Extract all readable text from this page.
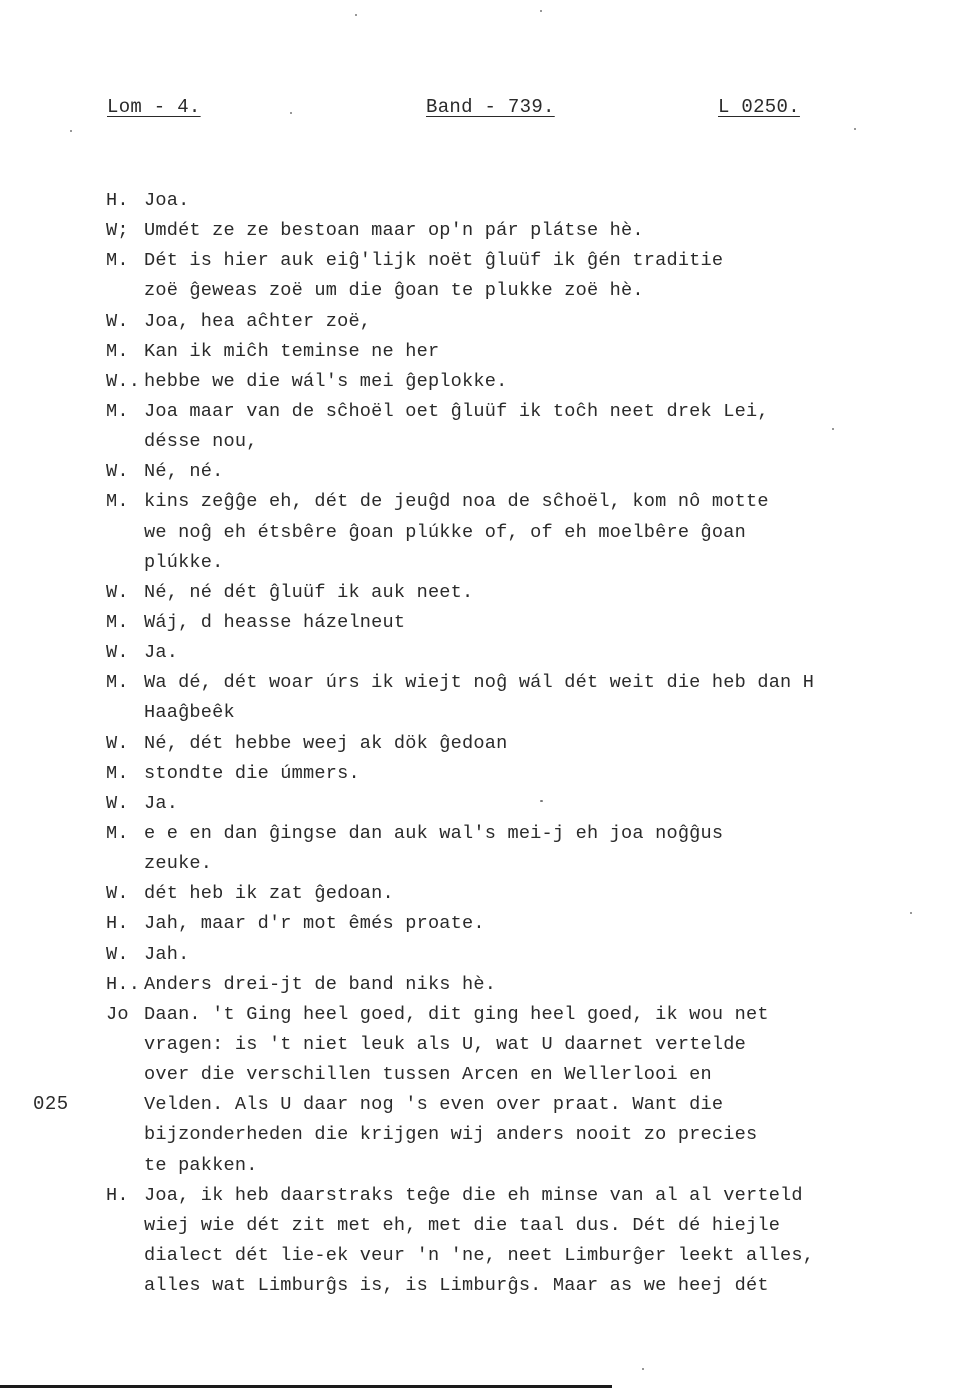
Lom - 4.	Band - 739.	L 0250.
H. Joa.
W; Umdét ze ze bestoan maar op'n pár plátse hè.
M. Dét is hier auk eiĝ'lijk noët ĝluüf ik ĝén traditie
zoë ĝeweas zoë um die ĝoan te plukke zoë hè.
W. Joa, hea aĉhter zoë,
M. Kan ik miĉh teminse ne her
W.. hebbe we die wál's mei ĝeplokke.
M. Joa maar van de sĉhoël oet ĝluüf ik toĉh neet drek Lei,
désse nou,
W. Né, né.
M. kins zeĝĝe eh, dét de jeuĝd noa de sĉhoël, kom nô motte
we noĝ eh étsbêre ĝoan plúkke of, of eh moelbêre ĝoan
plúkke.
W. Né, né dét ĝluüf ik auk neet.
M. Wáj, d heasse házelneut
W. Ja.
M. Wa dé, dét woar úrs ik wiejt noĝ wál dét weit die heb dan H
Haaĝbeêk
W. Né, dét hebbe weej ak dök ĝedoan
M. stondte die úmmers.
W. Ja.
M. e e en dan ĝingse dan auk wal's mei-j eh joa noĝĝus
zeuke.
W. dét heb ik zat ĝedoan.
H. Jah, maar d'r mot êmés proate.
W. Jah.
H.. Anders drei-jt de band niks hè.
Jo Daan. 't Ging heel goed, dit ging heel goed, ik wou net
vragen: is 't niet leuk als U, wat U daarnet vertelde
over die verschillen tussen Arcen en Wellerlooi en
Velden. Als U daar nog 's even over praat. Want die
bijzonderheden die krijgen wij anders nooit zo precies
te pakken.
H. Joa, ik heb daarstraks teĝe die eh minse van al al verteld
wiej wie dét zit met eh, met die taal dus. Dét dé hiejle
dialect dét lie-ek veur 'n 'ne, neet Limburĝer leekt alles,
alles wat Limburĝs is, is Limburĝs. Maar as we heej dét
025
